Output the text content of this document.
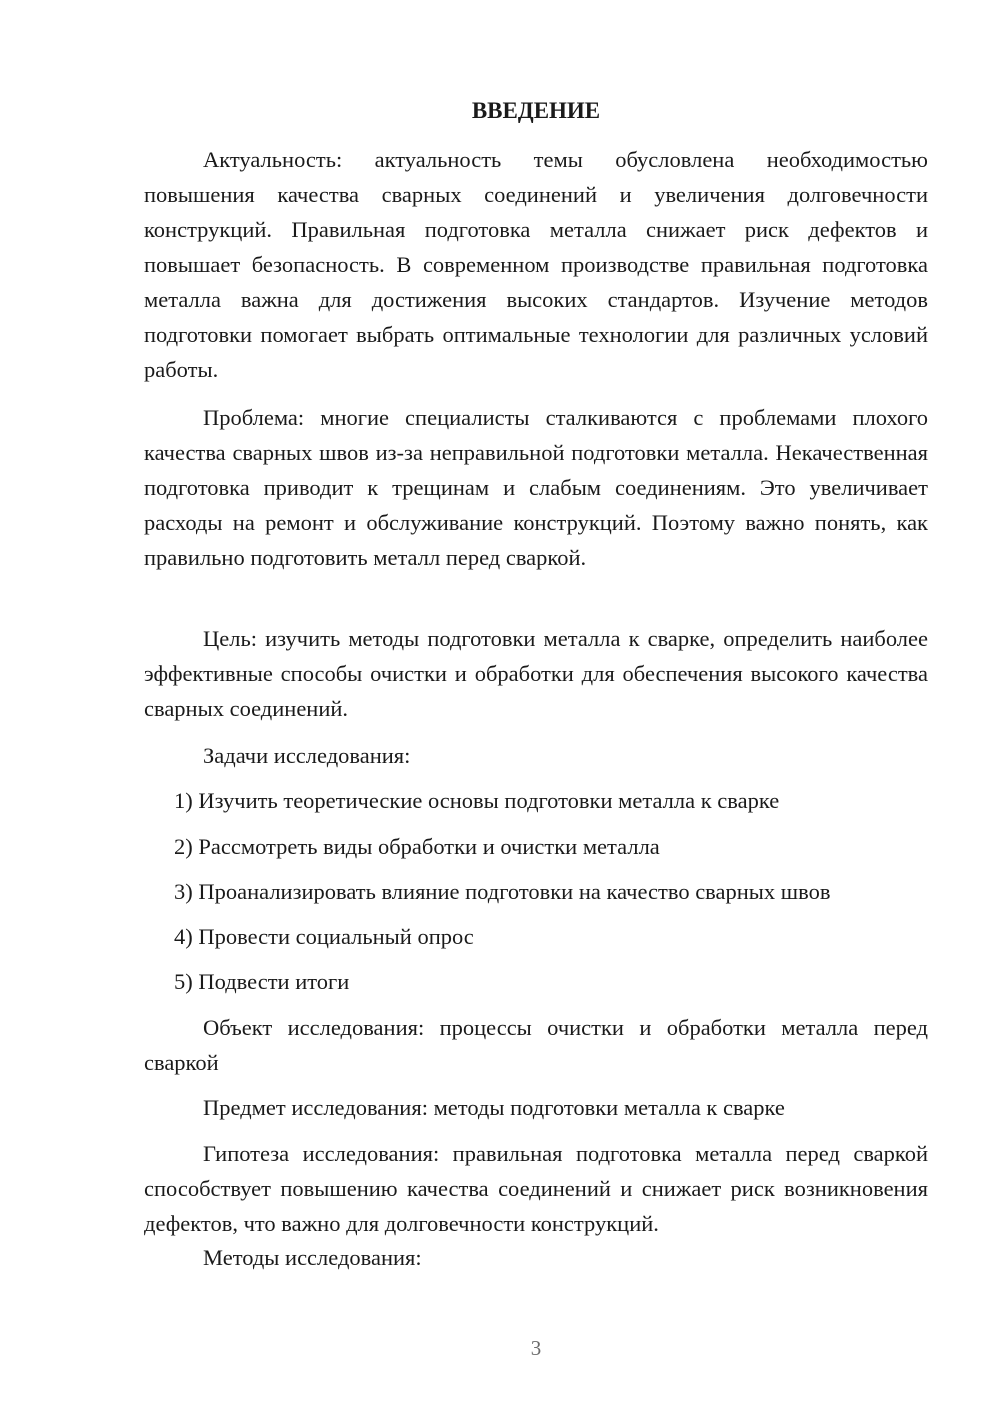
ВВЕДЕНИЕ

Актуальность: актуальность темы обусловлена необходимостью повышения качества сварных соединений и увеличения долговечности конструкций. Правильная подготовка металла снижает риск дефектов и повышает безопасность. В современном производстве правильная подготовка металла важна для достижения высоких стандартов. Изучение методов подготовки помогает выбрать оптимальные технологии для различных условий работы.

Проблема: многие специалисты сталкиваются с проблемами плохого качества сварных швов из-за неправильной подготовки металла. Некачественная подготовка приводит к трещинам и слабым соединениям. Это увеличивает расходы на ремонт и обслуживание конструкций. Поэтому важно понять, как правильно подготовить металл перед сваркой.

Цель: изучить методы подготовки металла к сварке, определить наиболее эффективные способы очистки и обработки для обеспечения высокого качества сварных соединений.

Задачи исследования:

1) Изучить теоретические основы подготовки металла к сварке

2) Рассмотреть виды обработки и очистки металла

3) Проанализировать влияние подготовки на качество сварных швов

4) Провести социальный опрос

5) Подвести итоги

Объект исследования: процессы очистки и обработки металла перед сваркой

Предмет исследования: методы подготовки металла к сварке

Гипотеза исследования: правильная подготовка металла перед сваркой способствует повышению качества соединений и снижает риск возникновения дефектов, что важно для долговечности конструкций.

Методы исследования:

3
